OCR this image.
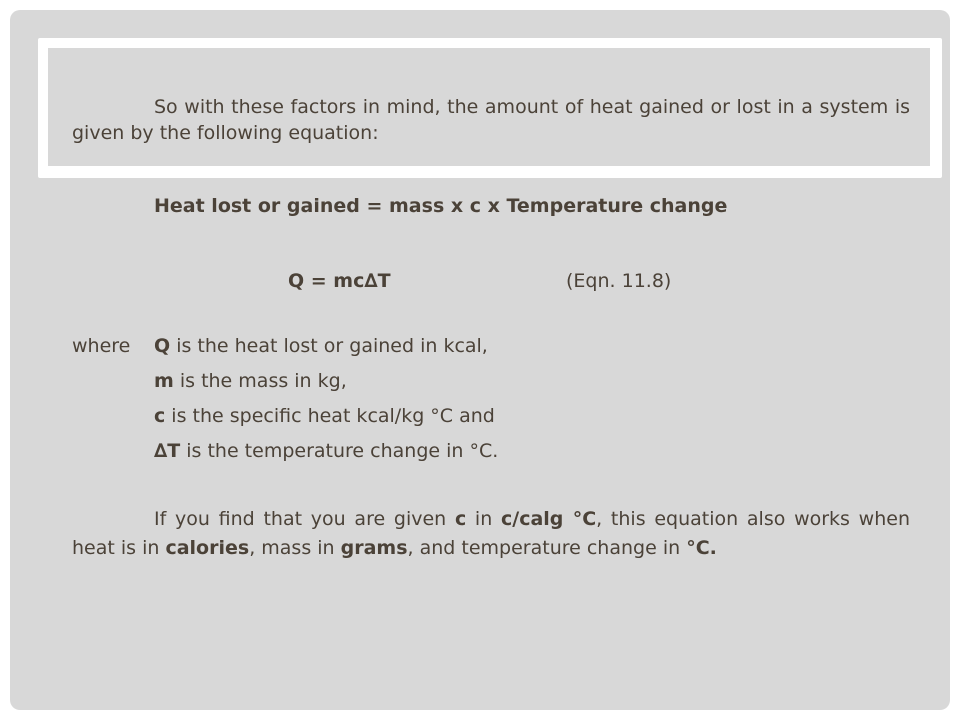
So with these factors in mind, the amount of heat gained or lost in a system is given by the following equation:

Heat lost or gained = mass x c x Temperature change
Q = mc∆T	(Eqn. 11.8)
where Q is the heat lost or gained in kcal,
m is the mass in kg,
c is the specific heat kcal/kg °C and
∆T is the temperature change in °C.

If you find that you are given c in c/calg °C, this equation also works when heat is in calories, mass in grams, and temperature change in °C.
